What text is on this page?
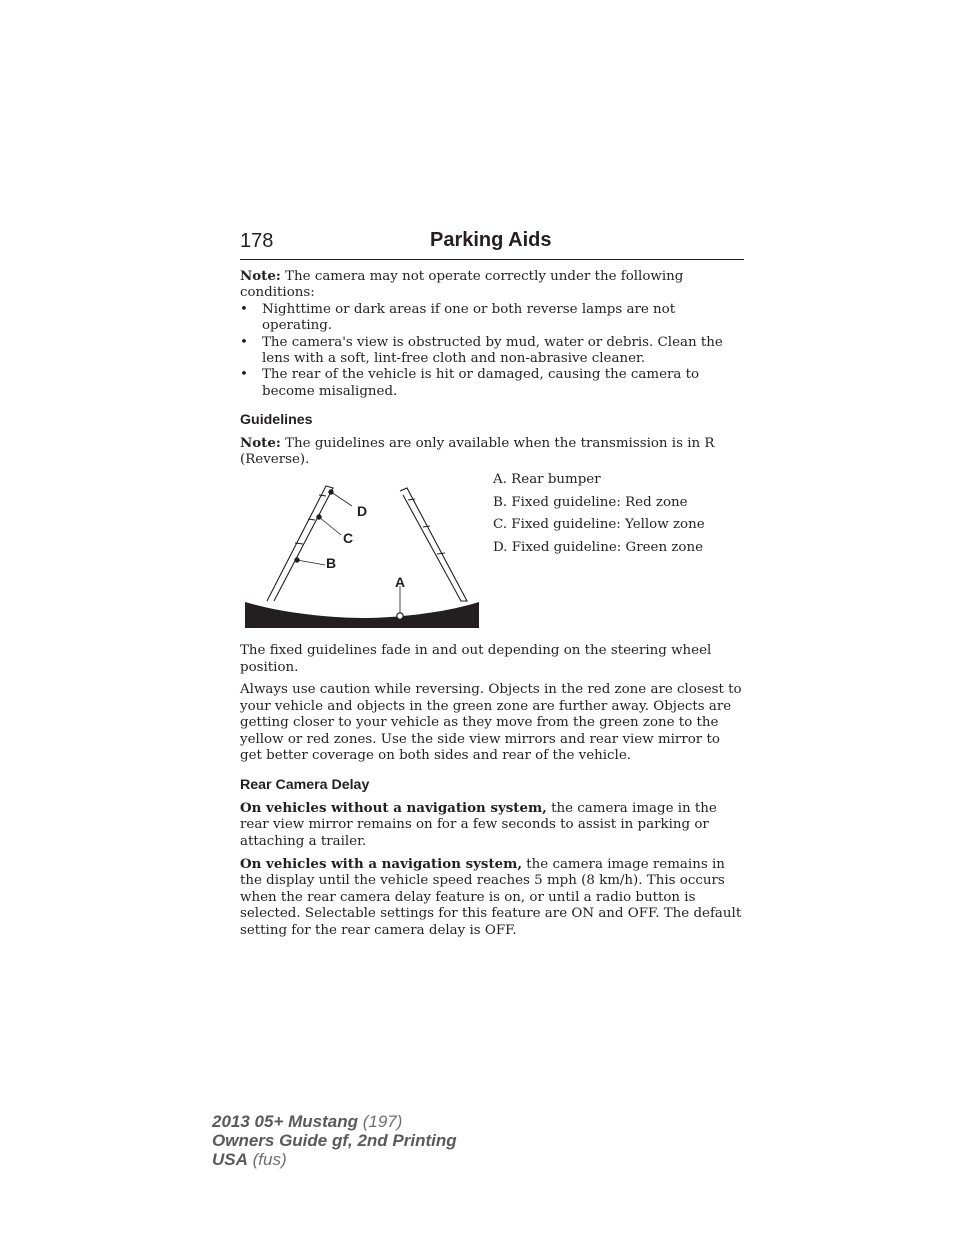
178	Parking Aids

Note: The camera may not operate correctly under the following conditions:

• Nighttime or dark areas if one or both reverse lamps are not operating.
• The camera's view is obstructed by mud, water or debris. Clean the lens with a soft, lint-free cloth and non-abrasive cleaner.
• The rear of the vehicle is hit or damaged, causing the camera to become misaligned.
Guidelines

Note: The guidelines are only available when the transmission is in R (Reverse).

D
C
B
A
A. Rear bumper
B. Fixed guideline: Red zone
C. Fixed guideline: Yellow zone
D. Fixed guideline: Green zone

The fixed guidelines fade in and out depending on the steering wheel position.

Always use caution while reversing. Objects in the red zone are closest to your vehicle and objects in the green zone are further away. Objects are getting closer to your vehicle as they move from the green zone to the yellow or red zones. Use the side view mirrors and rear view mirror to get better coverage on both sides and rear of the vehicle.

Rear Camera Delay

On vehicles without a navigation system, the camera image in the rear view mirror remains on for a few seconds to assist in parking or attaching a trailer.

On vehicles with a navigation system, the camera image remains in the display until the vehicle speed reaches 5 mph (8 km/h). This occurs when the rear camera delay feature is on, or until a radio button is selected. Selectable settings for this feature are ON and OFF. The default setting for the rear camera delay is OFF.

2013 05+ Mustang (197)
Owners Guide gf, 2nd Printing
USA (fus)
